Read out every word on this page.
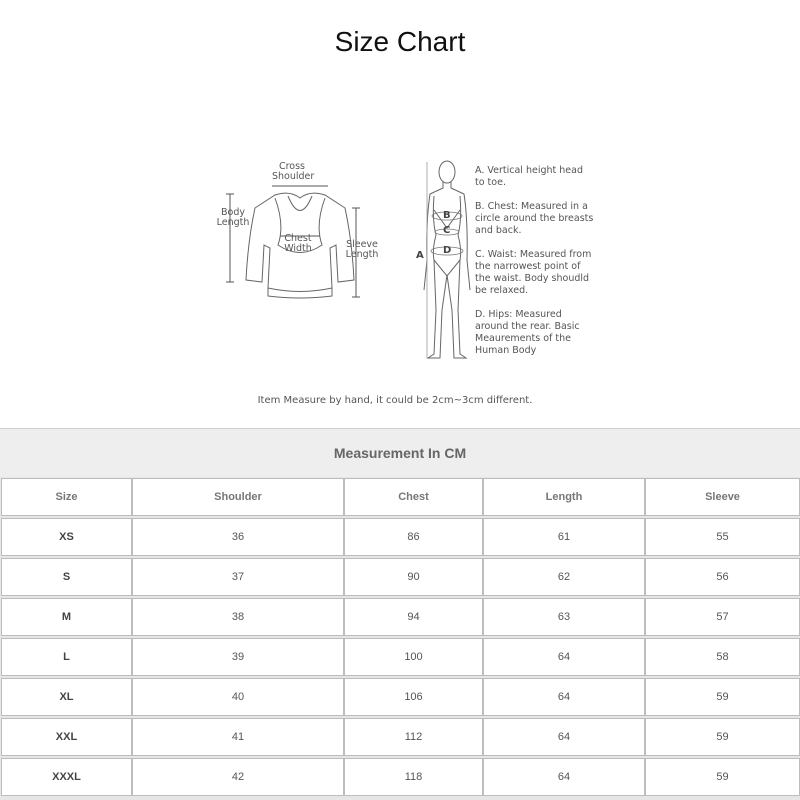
Size Chart
Cross
Shoulder
Body
Length
Chest
Width	Sleeve
Length
B
C
D
A
A. Vertical height head to toe.
B. Chest: Measured in a circle around the breasts and back.
C. Waist: Measured from the narrowest point of the waist. Body shoudld be relaxed.
D. Hips: Measured around the rear. Basic Meaurements of the Human Body
Item Measure by hand, it could be 2cm~3cm different.
Measurement In CM
Size	Shoulder	Chest	Length	Sleeve
XS	36	86	61	55
S	37	90	62	56
M	38	94	63	57
L	39	100	64	58
XL	40	106	64	59
XXL	41	112	64	59
XXXL	42	118	64	59
